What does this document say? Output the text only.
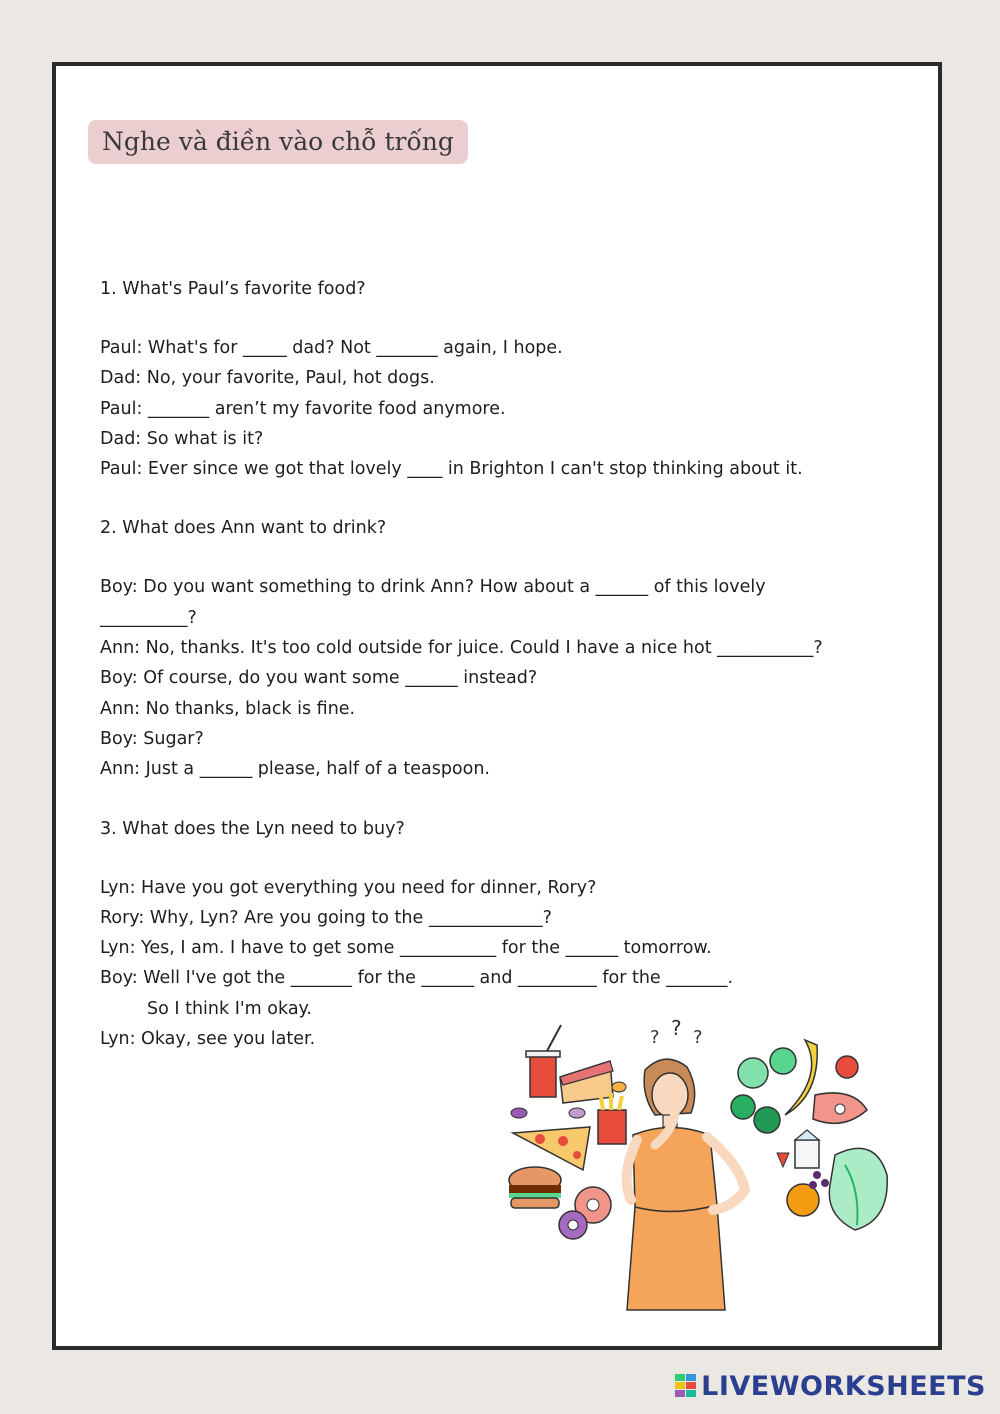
Nghe và điền vào chỗ trống
1. What's Paul’s favorite food?
Paul: What's for _____ dad? Not _______ again, I hope.
Dad: No, your favorite, Paul, hot dogs.
Paul: _______ aren’t my favorite food anymore.
Dad: So what is it?
Paul: Ever since we got that lovely ____ in Brighton I can't stop thinking about it.
2. What does Ann want to drink?
Boy: Do you want something to drink Ann? How about a ______ of this lovely
__________?
Ann: No, thanks. It's too cold outside for juice. Could I have a nice hot ___________?
Boy: Of course, do you want some ______ instead?
Ann: No thanks, black is fine.
Boy: Sugar?
Ann: Just a ______ please, half of a teaspoon.
3. What does the Lyn need to buy?
Lyn: Have you got everything you need for dinner, Rory?
Rory: Why, Lyn? Are you going to the _____________?
Lyn: Yes, I am. I have to get some ___________ for the ______ tomorrow.
Boy: Well I've got the _______ for the ______ and _________ for the _______.
So I think I'm okay.
Lyn: Okay, see you later.	? ? ?
LIVEWORKSHEETS
